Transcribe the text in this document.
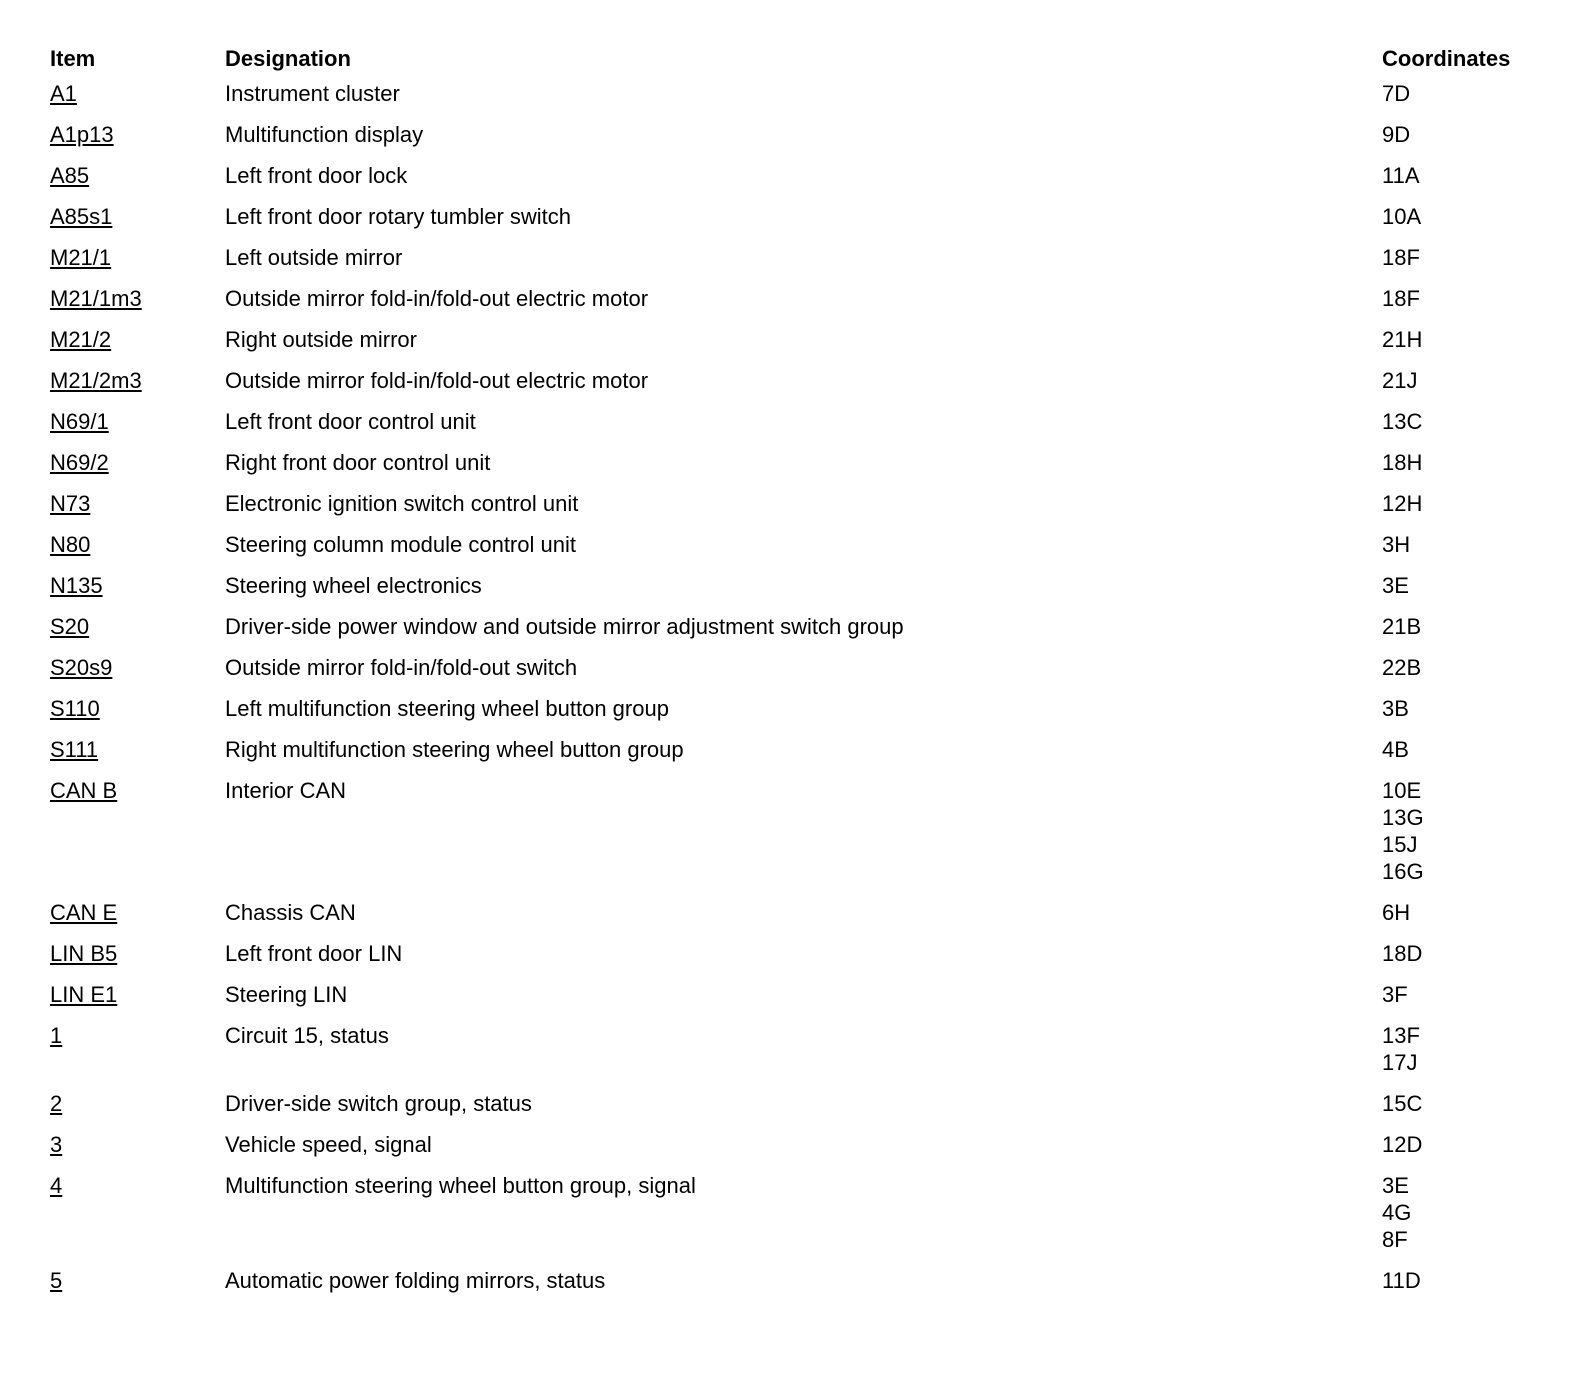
Item	Designation	Coordinates
A1	Instrument cluster	7D

A1p13	Multifunction display	9D

A85	Left front door lock	11A

A85s1	Left front door rotary tumbler switch	10A

M21/1	Left outside mirror	18F

M21/1m3	Outside mirror fold-in/fold-out electric motor	18F

M21/2	Right outside mirror	21H

M21/2m3	Outside mirror fold-in/fold-out electric motor	21J

N69/1	Left front door control unit	13C

N69/2	Right front door control unit	18H

N73	Electronic ignition switch control unit	12H

N80	Steering column module control unit	3H

N135	Steering wheel electronics	3E

S20	Driver-side power window and outside mirror adjustment switch group	21B

S20s9	Outside mirror fold-in/fold-out switch	22B

S110	Left multifunction steering wheel button group	3B

S111	Right multifunction steering wheel button group	4B

CAN B	Interior CAN	10E
13G
15J
16G

CAN E	Chassis CAN	6H

LIN B5	Left front door LIN	18D

LIN E1	Steering LIN	3F

1	Circuit 15, status	13F
17J

2	Driver-side switch group, status	15C

3	Vehicle speed, signal	12D

4	Multifunction steering wheel button group, signal	3E
4G
8F

5	Automatic power folding mirrors, status	11D
